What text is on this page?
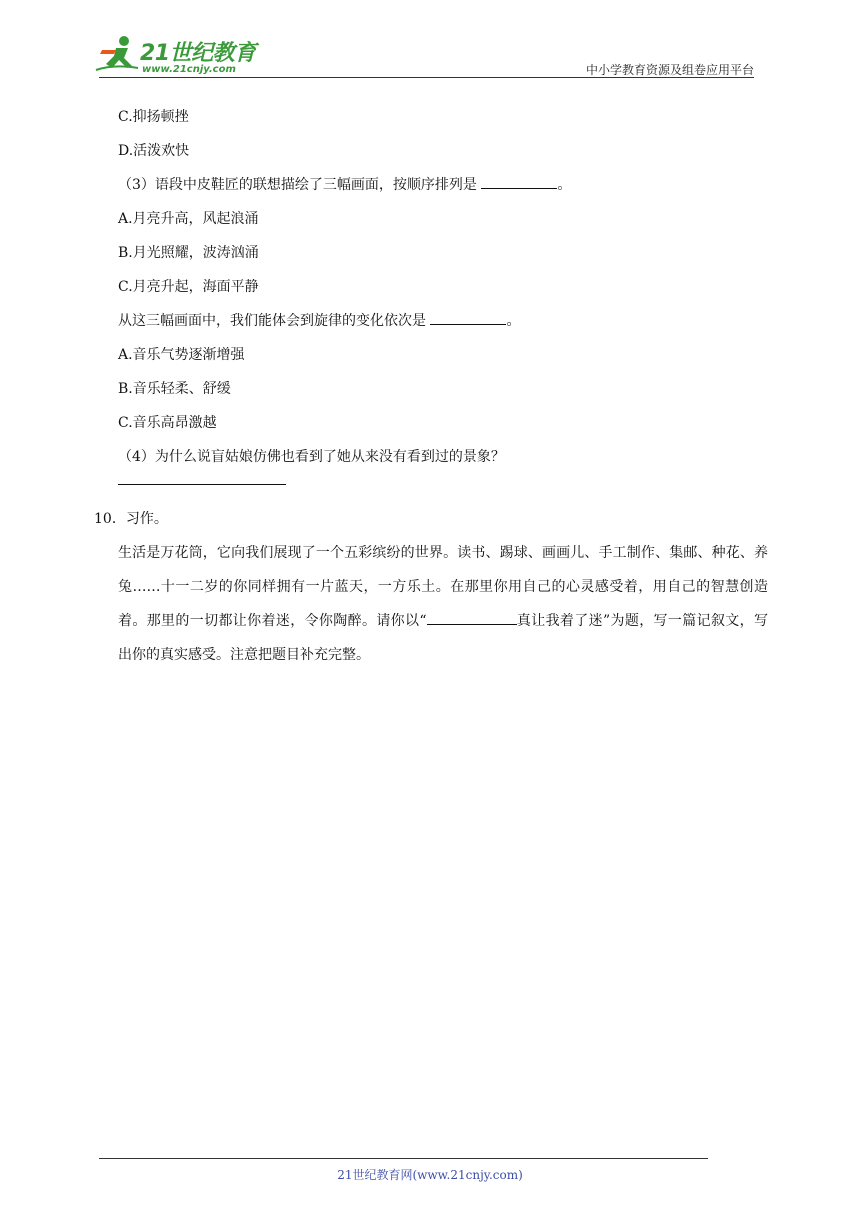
21世纪教育
www.21cnjy.com	中小学教育资源及组卷应用平台
C.抑扬顿挫
D.活泼欢快
（3）语段中皮鞋匠的联想描绘了三幅画面，按顺序排列是	。
A.月亮升高，风起浪涌
B.月光照耀，波涛汹涌
C.月亮升起，海面平静
从这三幅画面中，我们能体会到旋律的变化依次是	。
A.音乐气势逐渐增强
B.音乐轻柔、舒缓
C.音乐高昂激越
（4）为什么说盲姑娘仿佛也看到了她从来没有看到过的景象？
10．习作。
生活是万花筒，它向我们展现了一个五彩缤纷的世界。读书、踢球、画画儿、手工制作、集邮、种花、养兔……十一二岁的你同样拥有一片蓝天，一方乐土。在那里你用自己的心灵感受着，用自己的智慧创造着。那里的一切都让你着迷，令你陶醉。请你以“	真让我着了迷”为题，写一篇记叙文，写出你的真实感受。注意把题目补充完整。
21世纪教育网(www.21cnjy.com)
